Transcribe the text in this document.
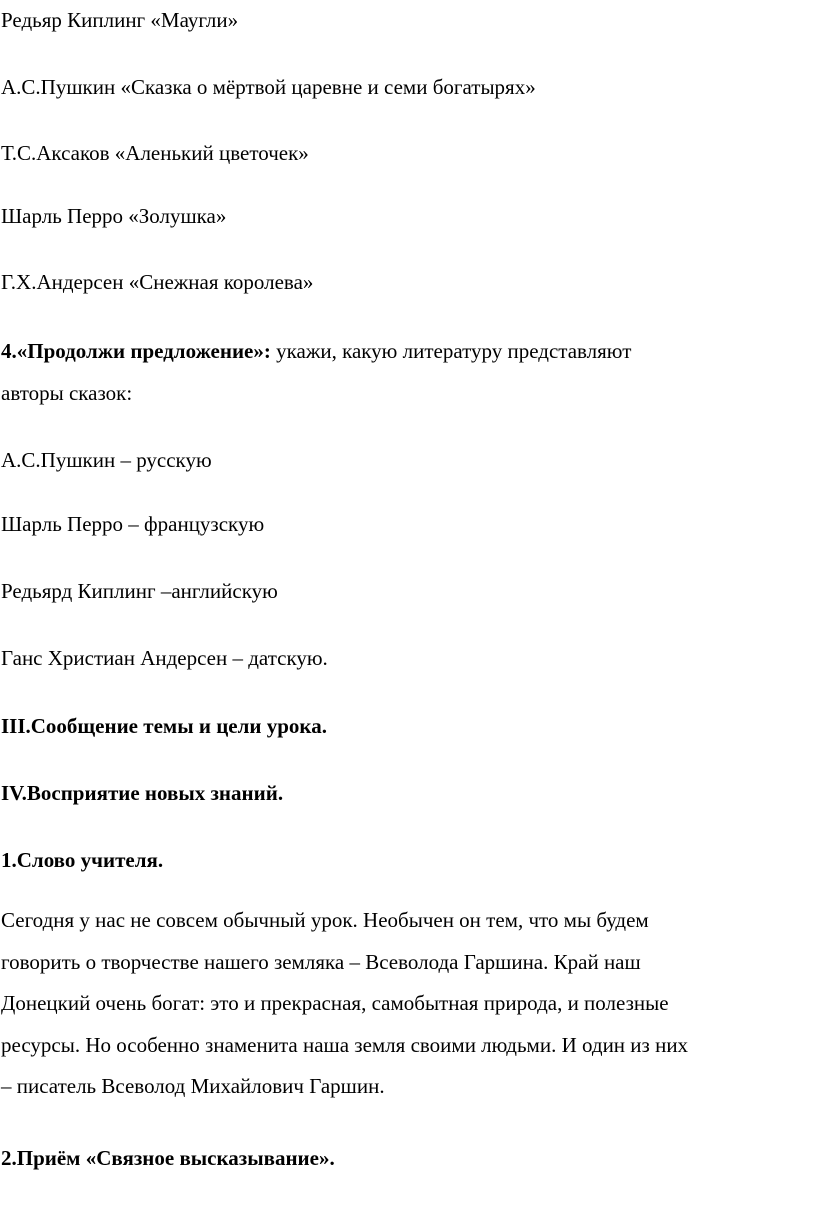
Редьяр Киплинг «Маугли»
А.С.Пушкин «Сказка о мёртвой царевне и семи богатырях»
Т.С.Аксаков «Аленький цветочек»
Шарль Перро «Золушка»
Г.Х.Андерсен «Снежная королева»
4.«Продолжи предложение»: укажи, какую литературу представляют
авторы сказок:
А.С.Пушкин – русскую
Шарль Перро – французскую
Редьярд Киплинг –английскую
Ганс Христиан Андерсен – датскую.
III.Сообщение темы и цели урока.
IV.Восприятие новых знаний.
1.Слово учителя.
Сегодня у нас не совсем обычный урок. Необычен он тем, что мы будем
говорить о творчестве нашего земляка – Всеволода Гаршина. Край наш
Донецкий очень богат: это и прекрасная, самобытная природа, и полезные
ресурсы. Но особенно знаменита наша земля своими людьми. И один из них
– писатель Всеволод Михайлович Гаршин.
2.Приём «Связное высказывание».
